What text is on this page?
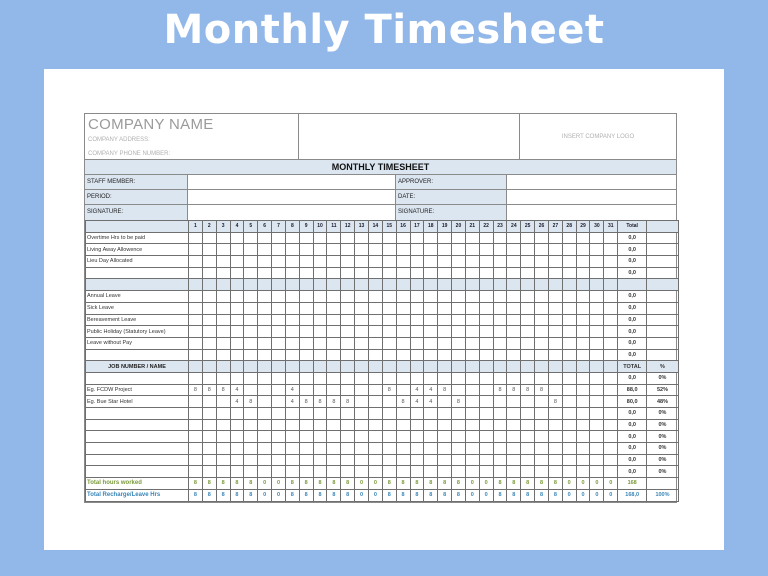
Monthly Timesheet
COMPANY NAME
COMPANY ADDRESS:
COMPANY PHONE NUMBER:
INSERT COMPANY LOGO
MONTHLY TIMESHEET
STAFF MEMBER:	APPROVER:
PERIOD:	DATE:
SIGNATURE:	SIGNATURE:
	1	2	3	4	5	6	7	8	9	10	11	12	13	14	15	16	17	18	19	20	21	22	23	24	25	26	27	28	29	30	31	Total	
Overtime Hrs to be paid																																0,0	
Living Away Allowence																																0,0	
Lieu Day Allocated																																0,0	
																																0,0	

Annual Leave																																0,0	
Sick Leave																																0,0	
Bereavement Leave																																0,0	
Public Holiday (Statutory Leave)																																0,0	
Leave without Pay																																0,0	
																																0,0	
JOB NUMBER / NAME																																TOTAL	%
																																0,0	0%
Eg. FCDW Project	8	8	8	4				4							8		4	4	8				8	8	8	8						88,0	52%
Eg. Bue Star Hotel				4	8			4	8	8	8	8				8	4	4		8							8					80,0	48%
																																0,0	0%
																																0,0	0%
																																0,0	0%
																																0,0	0%
																																0,0	0%
																																0,0	0%
Total hours worked	8	8	8	8	8	0	0	8	8	8	8	8	0	0	8	8	8	8	8	8	0	0	8	8	8	8	8	0	0	0	0	168	
Total Recharge/Leave Hrs	8	8	8	8	8	0	0	8	8	8	8	8	0	0	8	8	8	8	8	8	0	0	8	8	8	8	8	0	0	0	0	168,0	100%
